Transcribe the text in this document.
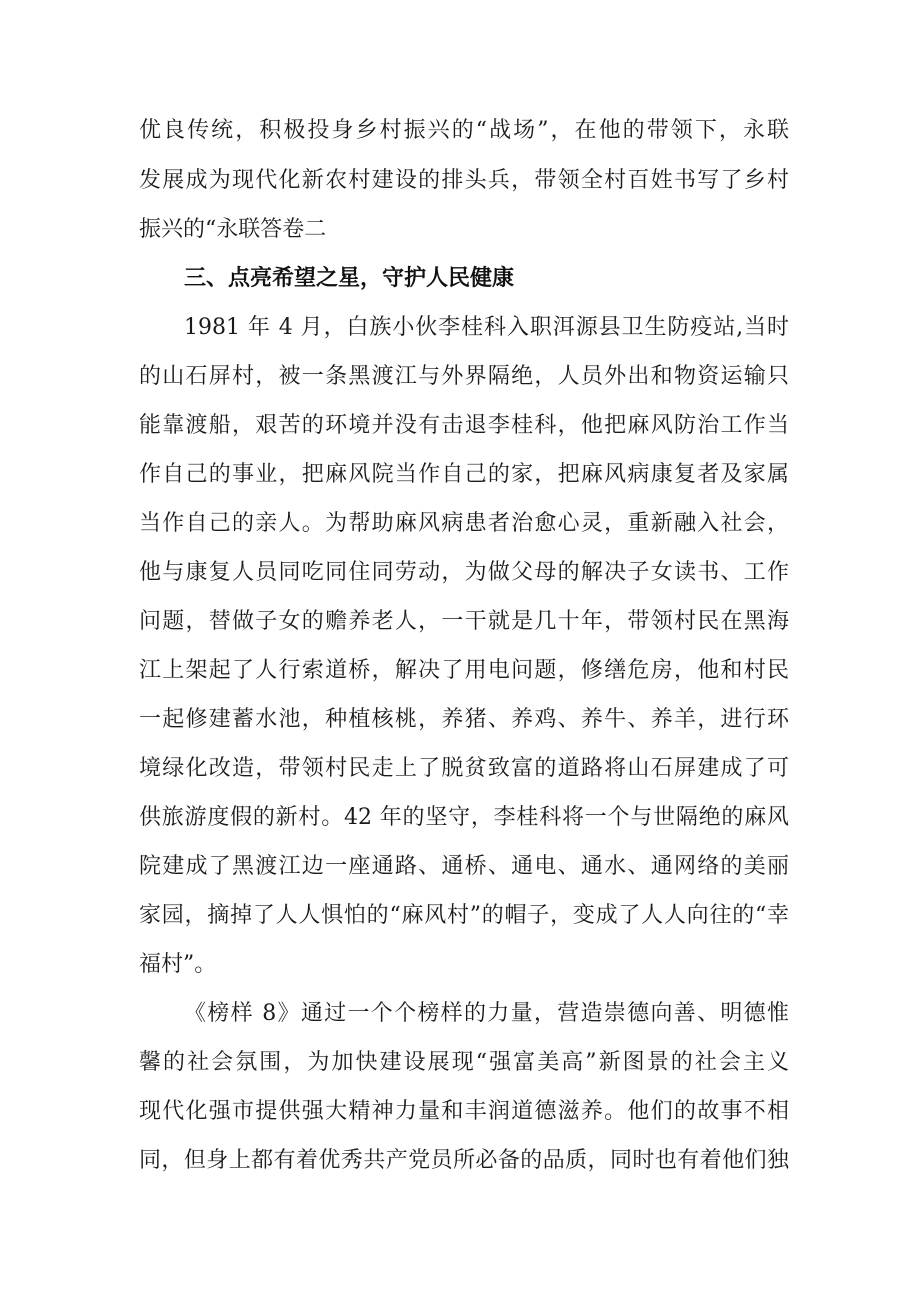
优良传统，积极投身乡村振兴的“战场”，在他的带领下，永联
发展成为现代化新农村建设的排头兵，带领全村百姓书写了乡村
振兴的“永联答卷二
三、点亮希望之星，守护人民健康
1981 年 4 月，白族小伙李桂科入职洱源县卫生防疫站,当时
的山石屏村，被一条黑渡江与外界隔绝，人员外出和物资运输只
能靠渡船，艰苦的环境并没有击退李桂科，他把麻风防治工作当
作自己的事业，把麻风院当作自己的家，把麻风病康复者及家属
当作自己的亲人。为帮助麻风病患者治愈心灵，重新融入社会，
他与康复人员同吃同住同劳动，为做父母的解决子女读书、工作
问题，替做子女的赡养老人，一干就是几十年，带领村民在黑海
江上架起了人行索道桥，解决了用电问题，修缮危房，他和村民
一起修建蓄水池，种植核桃，养猪、养鸡、养牛、养羊，进行环
境绿化改造，带领村民走上了脱贫致富的道路将山石屏建成了可
供旅游度假的新村。42 年的坚守，李桂科将一个与世隔绝的麻风
院建成了黑渡江边一座通路、通桥、通电、通水、通网络的美丽
家园，摘掉了人人惧怕的“麻风村”的帽子，变成了人人向往的“幸
福村”。
《榜样 8》通过一个个榜样的力量，营造崇德向善、明德惟
馨的社会氛围，为加快建设展现“强富美高”新图景的社会主义
现代化强市提供强大精神力量和丰润道德滋养。他们的故事不相
同，但身上都有着优秀共产党员所必备的品质，同时也有着他们独
